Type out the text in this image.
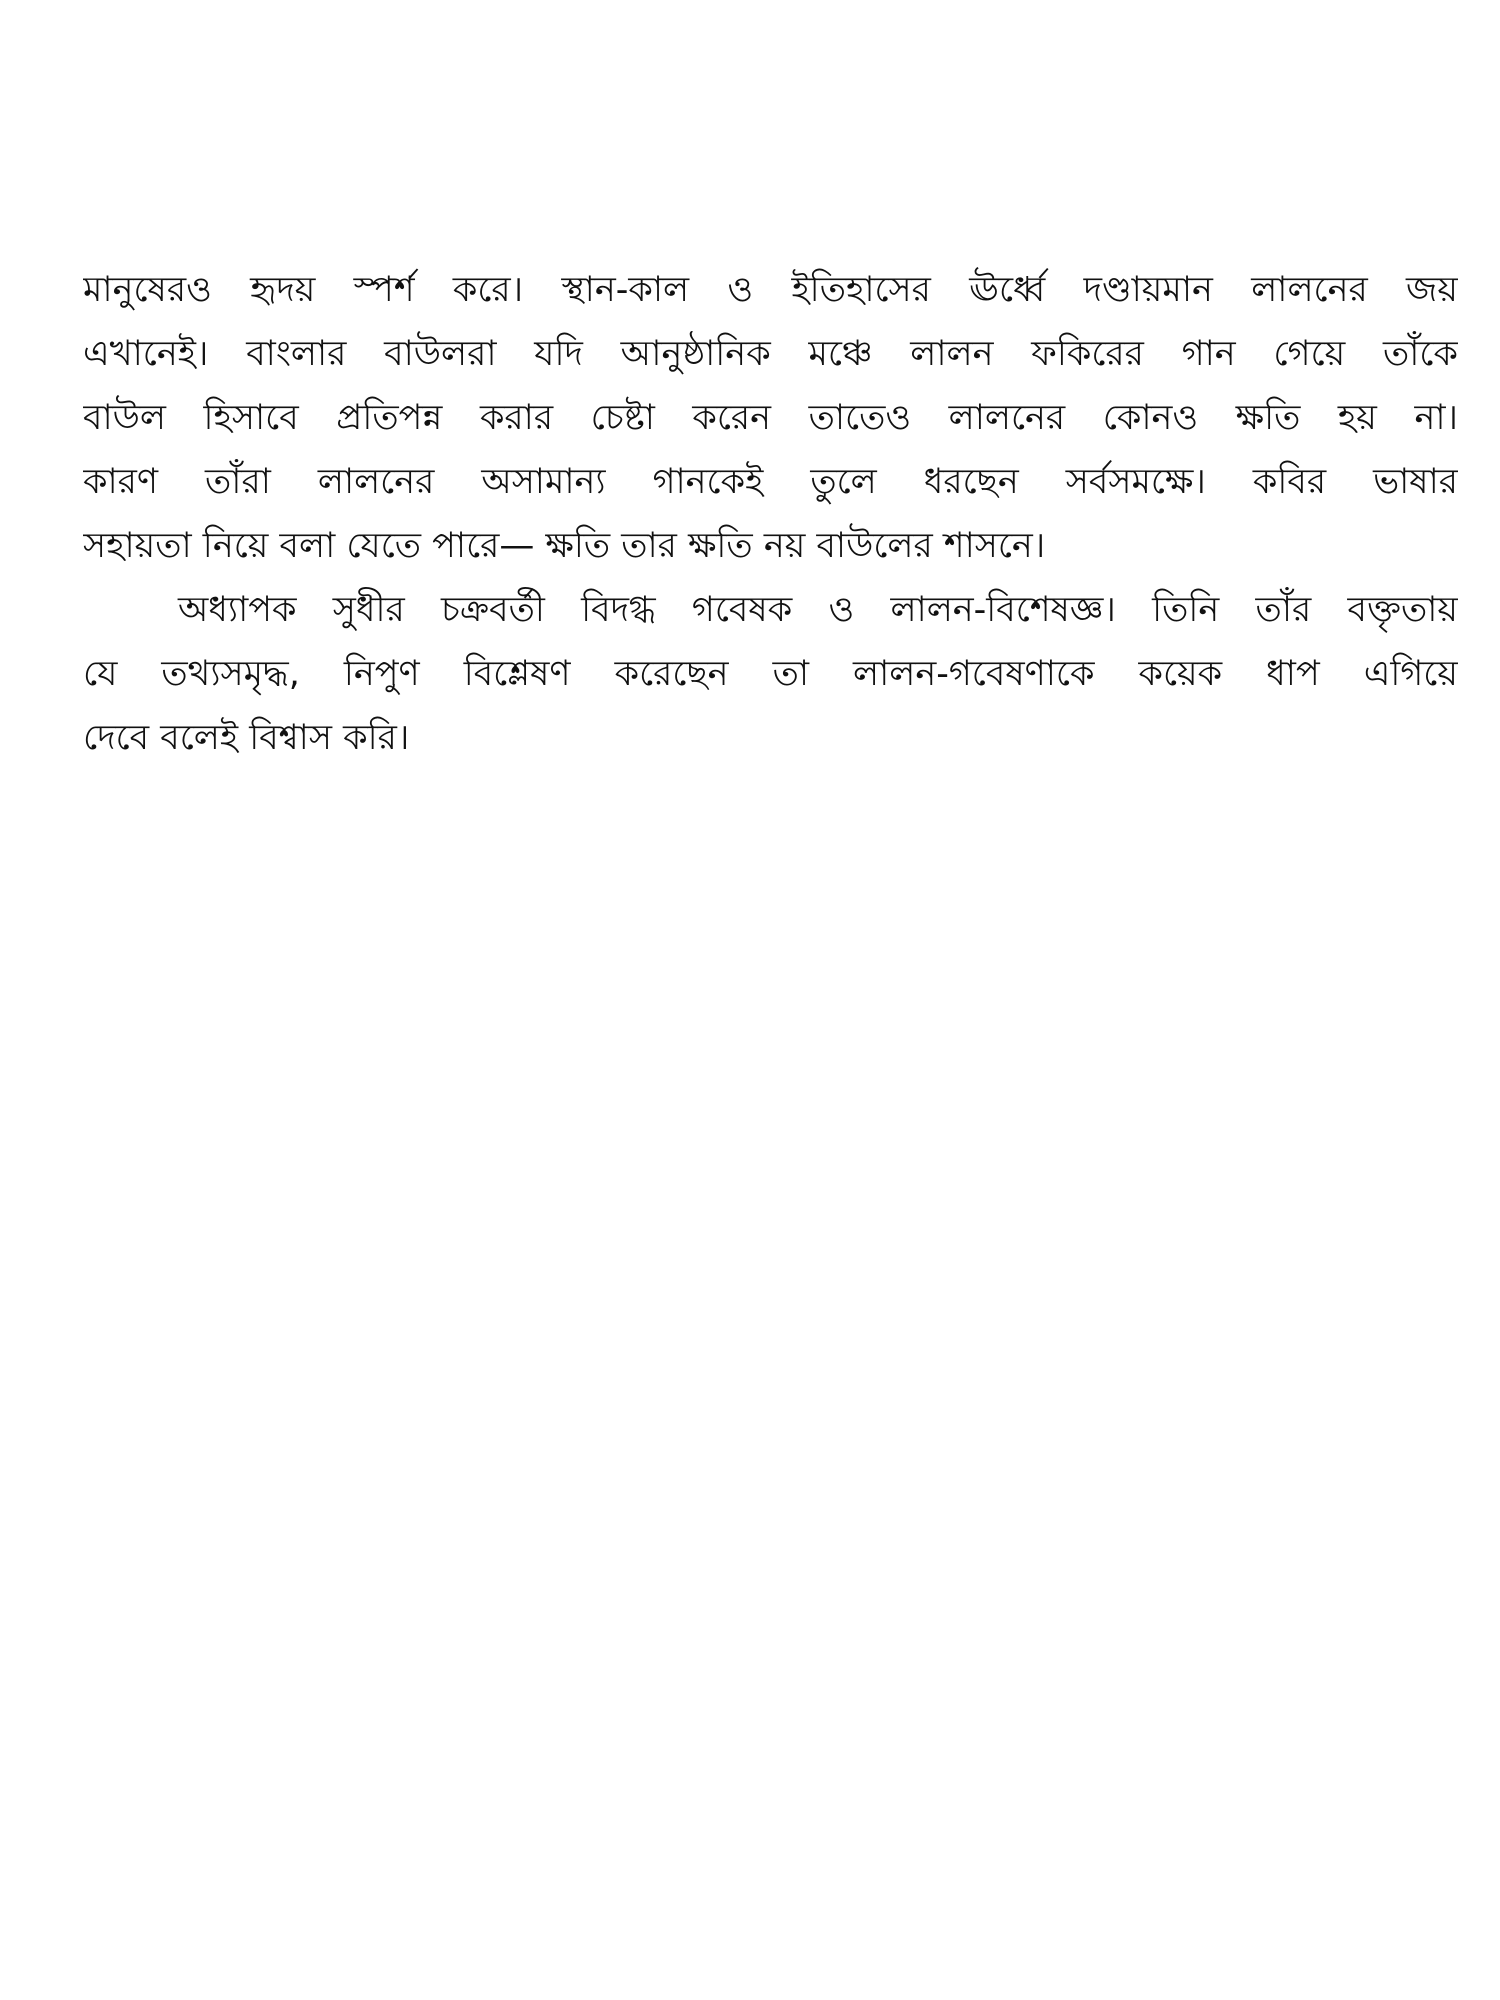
মানুষেরও হৃদয় স্পর্শ করে। স্থান-কাল ও ইতিহাসের ঊর্ধ্বে দণ্ডায়মান লালনের জয়
এখানেই। বাংলার বাউলরা যদি আনুষ্ঠানিক মঞ্চে লালন ফকিরের গান গেয়ে তাঁকে
বাউল হিসাবে প্রতিপন্ন করার চেষ্টা করেন তাতেও লালনের কোনও ক্ষতি হয় না।
কারণ তাঁরা লালনের অসামান্য গানকেই তুলে ধরছেন সর্বসমক্ষে। কবির ভাষার
সহায়তা নিয়ে বলা যেতে পারে— ক্ষতি তার ক্ষতি নয় বাউলের শাসনে।
অধ্যাপক সুধীর চক্রবর্তী বিদগ্ধ গবেষক ও লালন-বিশেষজ্ঞ। তিনি তাঁর বক্তৃতায়
যে তথ্যসমৃদ্ধ, নিপুণ বিশ্লেষণ করেছেন তা লালন-গবেষণাকে কয়েক ধাপ এগিয়ে
দেবে বলেই বিশ্বাস করি।
